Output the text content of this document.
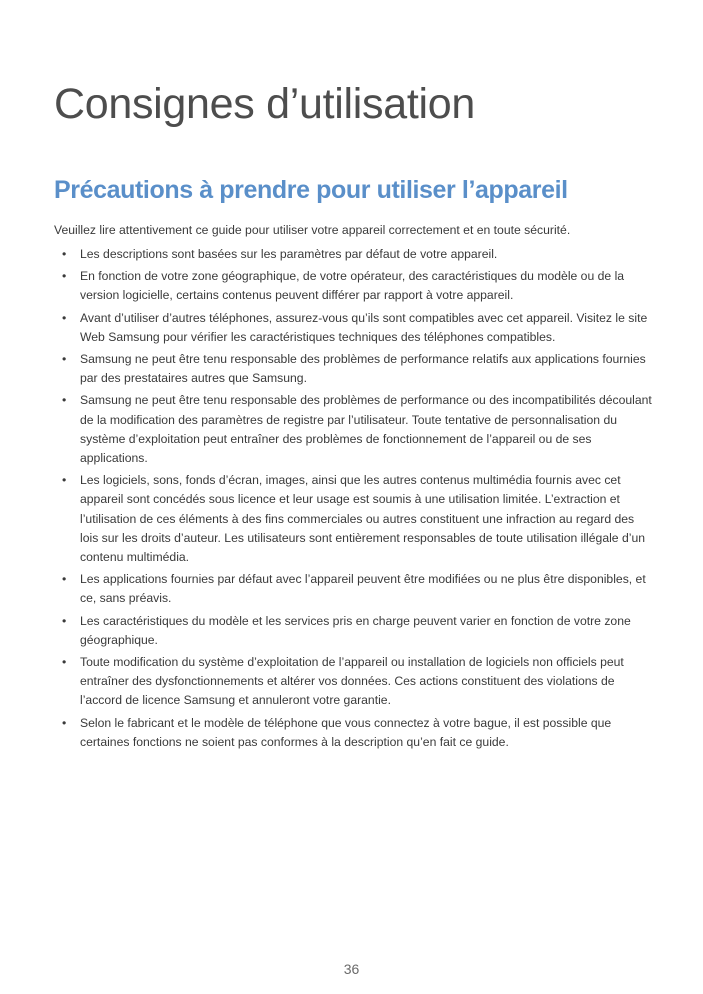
Consignes d’utilisation
Précautions à prendre pour utiliser l’appareil

Veuillez lire attentivement ce guide pour utiliser votre appareil correctement et en toute sécurité.

• Les descriptions sont basées sur les paramètres par défaut de votre appareil.
• En fonction de votre zone géographique, de votre opérateur, des caractéristiques du modèle ou de la version logicielle, certains contenus peuvent différer par rapport à votre appareil.
• Avant d’utiliser d’autres téléphones, assurez-vous qu’ils sont compatibles avec cet appareil. Visitez le site Web Samsung pour vérifier les caractéristiques techniques des téléphones compatibles.
• Samsung ne peut être tenu responsable des problèmes de performance relatifs aux applications fournies par des prestataires autres que Samsung.
• Samsung ne peut être tenu responsable des problèmes de performance ou des incompatibilités découlant de la modification des paramètres de registre par l’utilisateur. Toute tentative de personnalisation du système d’exploitation peut entraîner des problèmes de fonctionnement de l’appareil ou de ses applications.
• Les logiciels, sons, fonds d’écran, images, ainsi que les autres contenus multimédia fournis avec cet appareil sont concédés sous licence et leur usage est soumis à une utilisation limitée. L’extraction et l’utilisation de ces éléments à des fins commerciales ou autres constituent une infraction au regard des lois sur les droits d’auteur. Les utilisateurs sont entièrement responsables de toute utilisation illégale d’un contenu multimédia.
• Les applications fournies par défaut avec l’appareil peuvent être modifiées ou ne plus être disponibles, et ce, sans préavis.
• Les caractéristiques du modèle et les services pris en charge peuvent varier en fonction de votre zone géographique.
• Toute modification du système d’exploitation de l’appareil ou installation de logiciels non officiels peut entraîner des dysfonctionnements et altérer vos données. Ces actions constituent des violations de l’accord de licence Samsung et annuleront votre garantie.
• Selon le fabricant et le modèle de téléphone que vous connectez à votre bague, il est possible que certaines fonctions ne soient pas conformes à la description qu’en fait ce guide.
36
